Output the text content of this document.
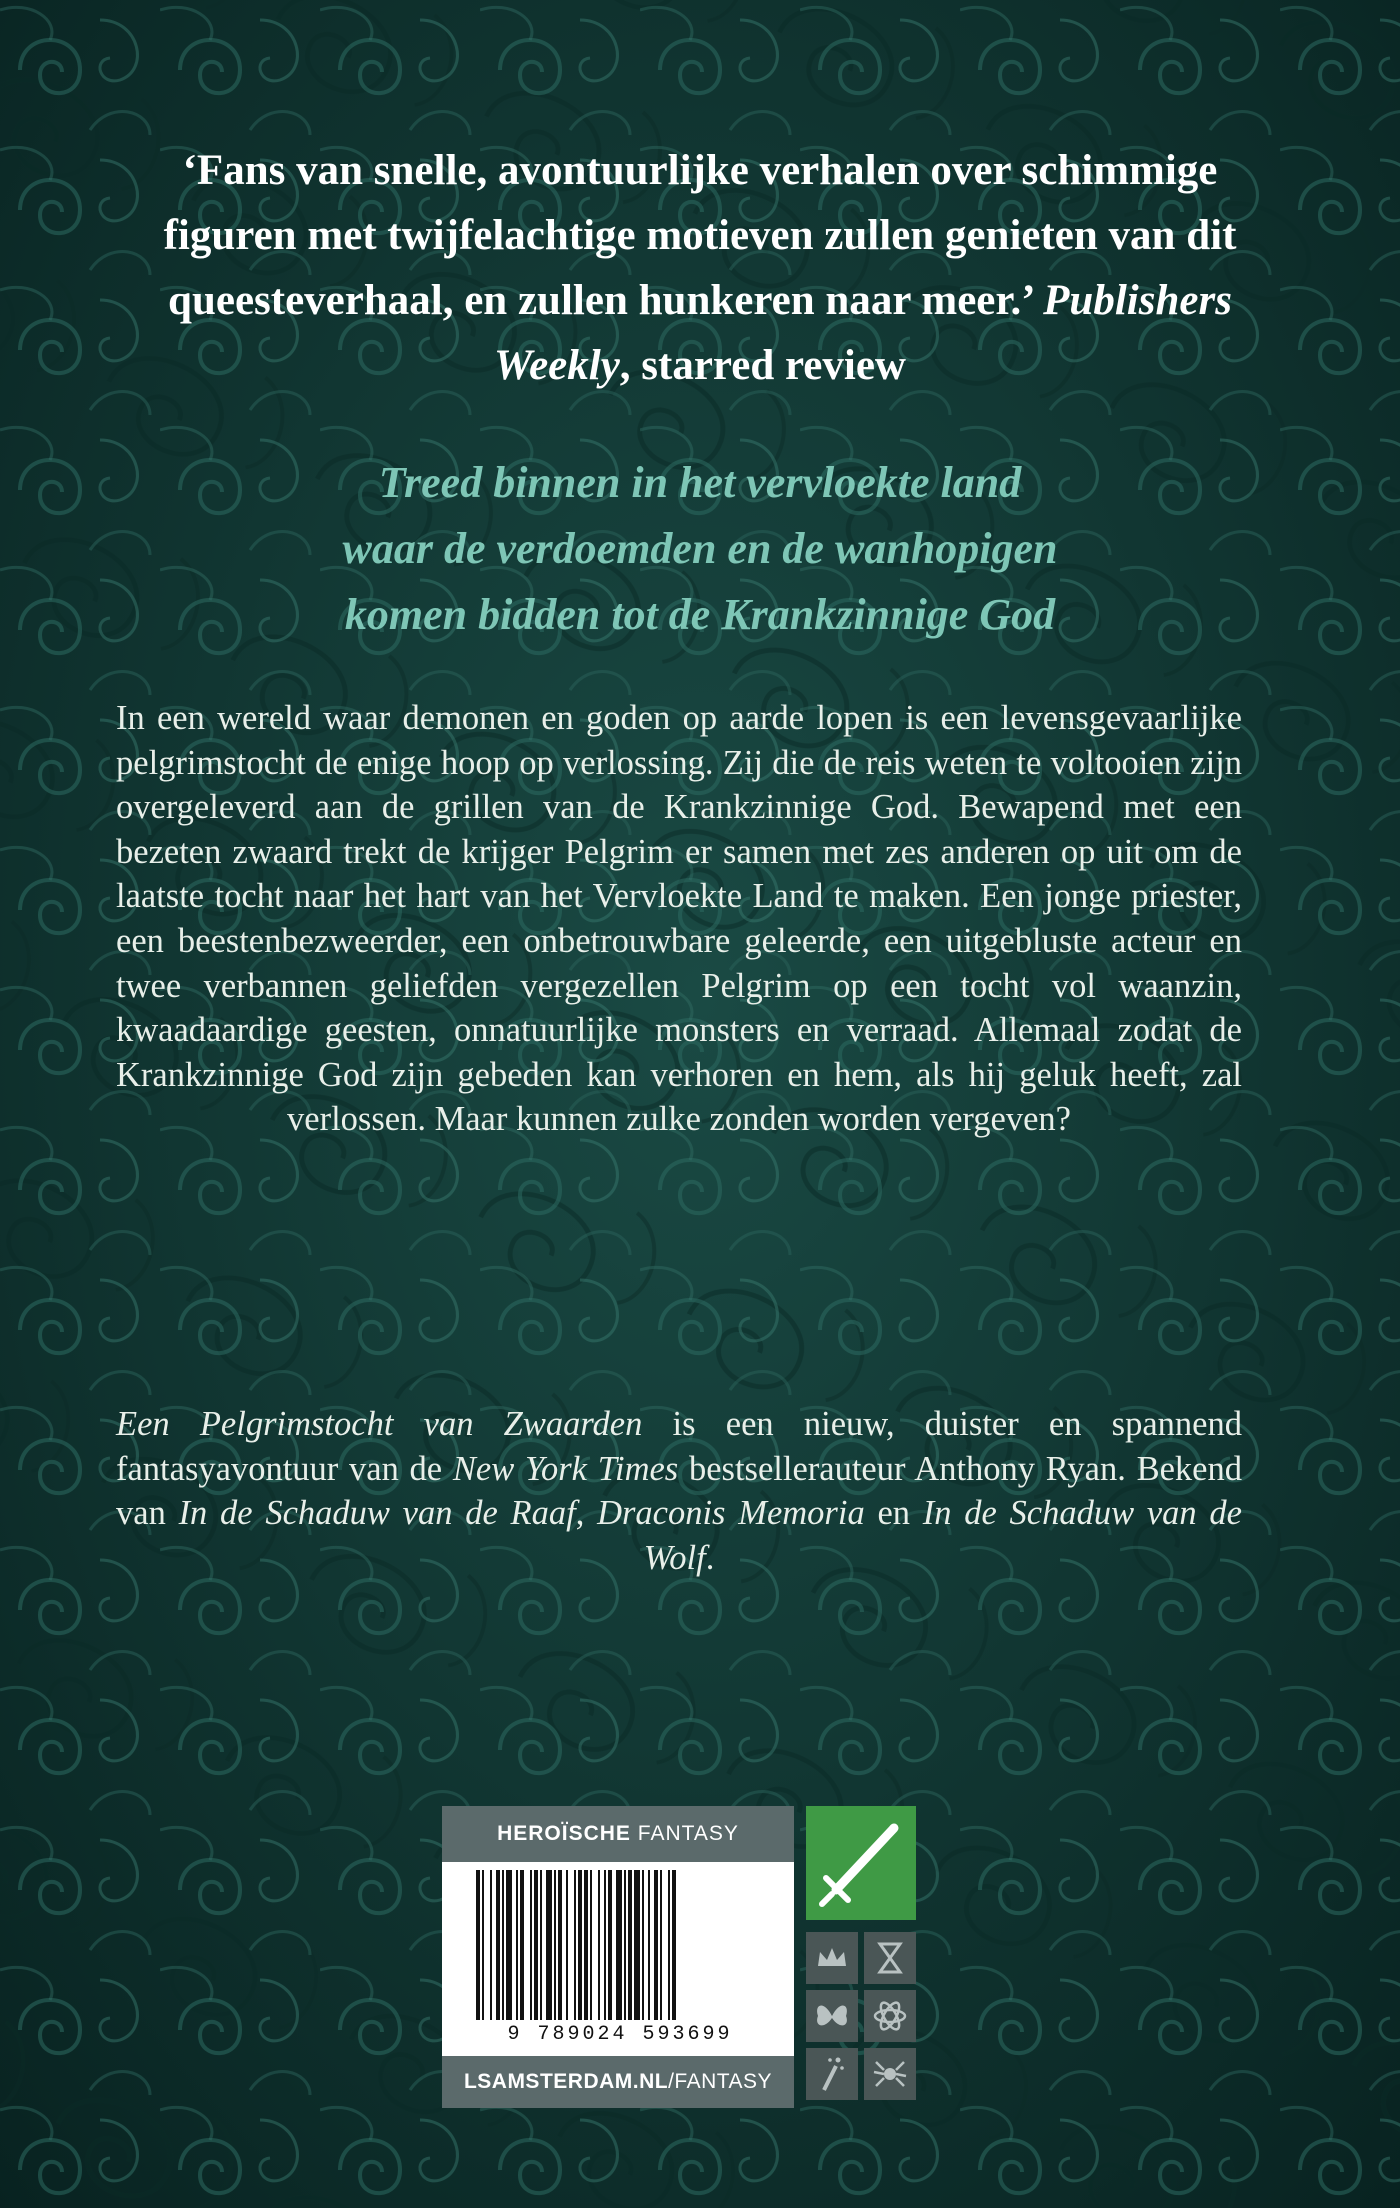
‘Fans van snelle, avontuurlijke verhalen over schimmige figuren met twijfelachtige motieven zullen genieten van dit queesteverhaal, en zullen hunkeren naar meer.’ Publishers Weekly, starred review
Treed binnen in het vervloekte land
waar de verdoemden en de wanhopigen
komen bidden tot de Krankzinnige God
In een wereld waar demonen en goden op aarde lopen is een levensgevaarlijke pelgrimstocht de enige hoop op verlossing. Zij die de reis weten te voltooien zijn overgeleverd aan de grillen van de Krankzinnige God. Bewapend met een bezeten zwaard trekt de krijger Pelgrim er samen met zes anderen op uit om de laatste tocht naar het hart van het Vervloekte Land te maken. Een jonge priester, een beestenbezweerder, een onbetrouwbare geleerde, een uitgebluste acteur en twee verbannen geliefden vergezellen Pelgrim op een tocht vol waanzin, kwaadaardige geesten, onnatuurlijke monsters en verraad. Allemaal zodat de Krankzinnige God zijn gebeden kan verhoren en hem, als hij geluk heeft, zal verlossen. Maar kunnen zulke zonden worden vergeven?
Een Pelgrimstocht van Zwaarden is een nieuw, duister en spannend fantasyavontuur van de New York Times bestsellerauteur Anthony Ryan. Bekend van In de Schaduw van de Raaf, Draconis Memoria en In de Schaduw van de Wolf.
HEROÏSCHE FANTASY
9 789024 593699
LSAMSTERDAM.NL/FANTASY
